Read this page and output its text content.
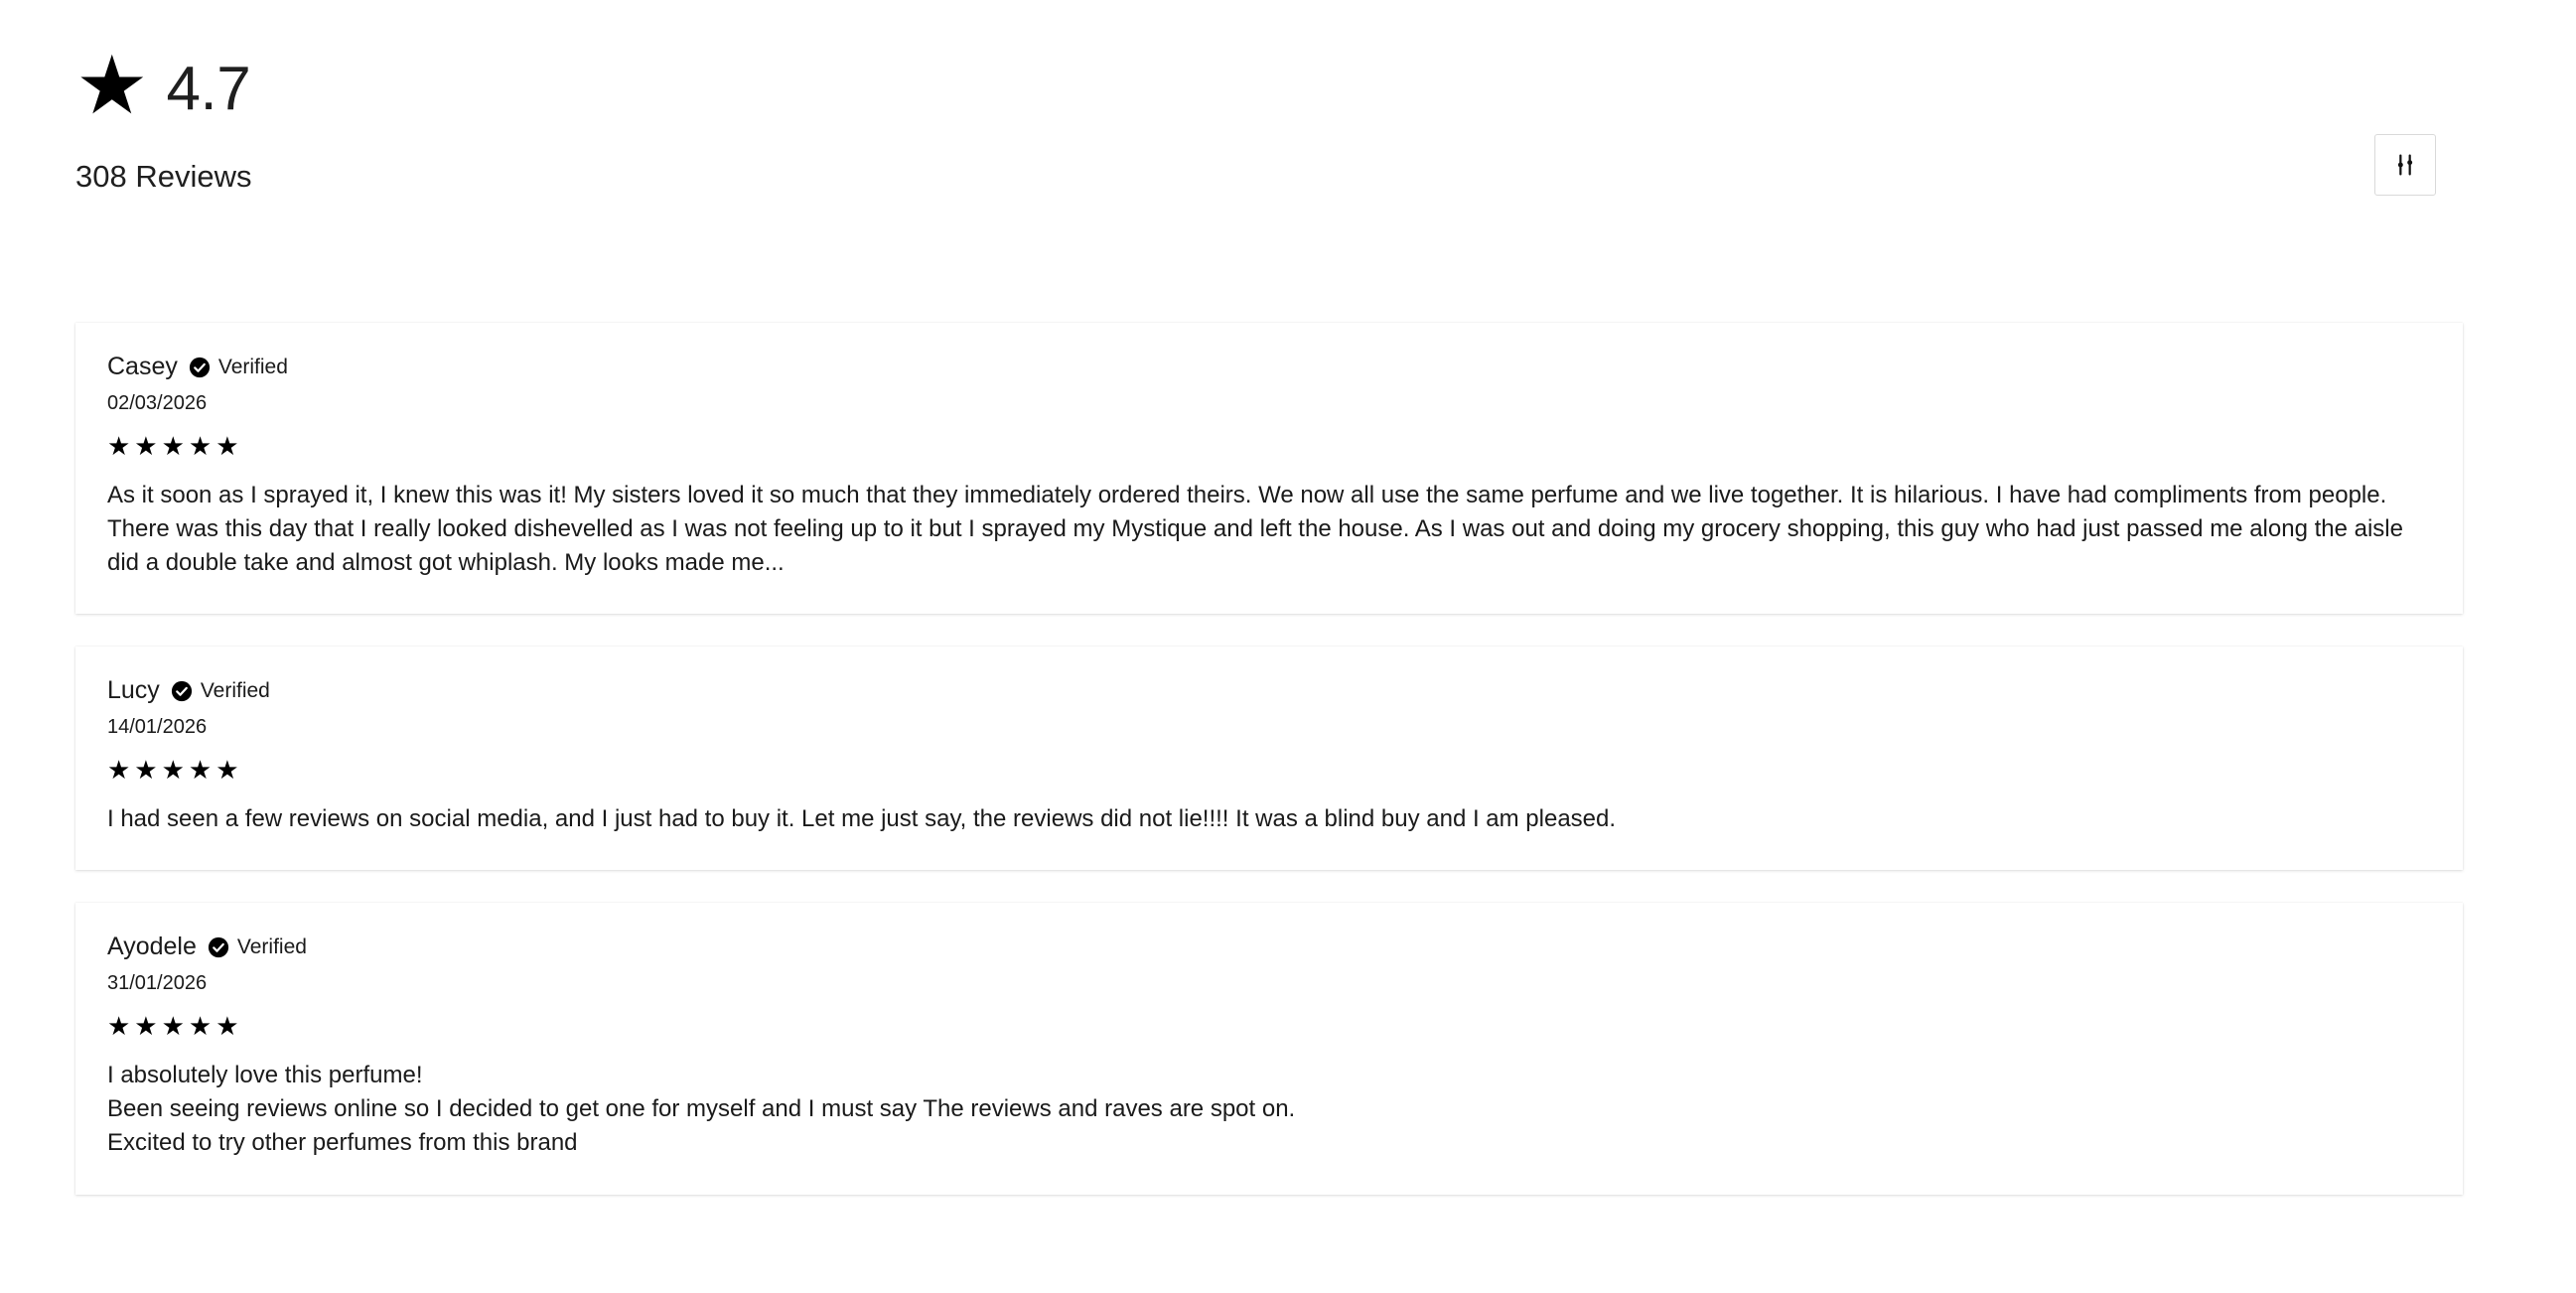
★ 4.7
308 Reviews
Casey Verified
02/03/2026
★★★★★
As it soon as I sprayed it, I knew this was it! My sisters loved it so much that they immediately ordered theirs. We now all use the same perfume and we live together. It is hilarious. I have had compliments from people. There was this day that I really looked dishevelled as I was not feeling up to it but I sprayed my Mystique and left the house. As I was out and doing my grocery shopping, this guy who had just passed me along the aisle did a double take and almost got whiplash. My looks made me...
Lucy Verified
14/01/2026
★★★★★
I had seen a few reviews on social media, and I just had to buy it. Let me just say, the reviews did not lie!!!! It was a blind buy and I am pleased.
Ayodele Verified
31/01/2026
★★★★★
I absolutely love this perfume!
Been seeing reviews online so I decided to get one for myself and I must say The reviews and raves are spot on.
Excited to try other perfumes from this brand
